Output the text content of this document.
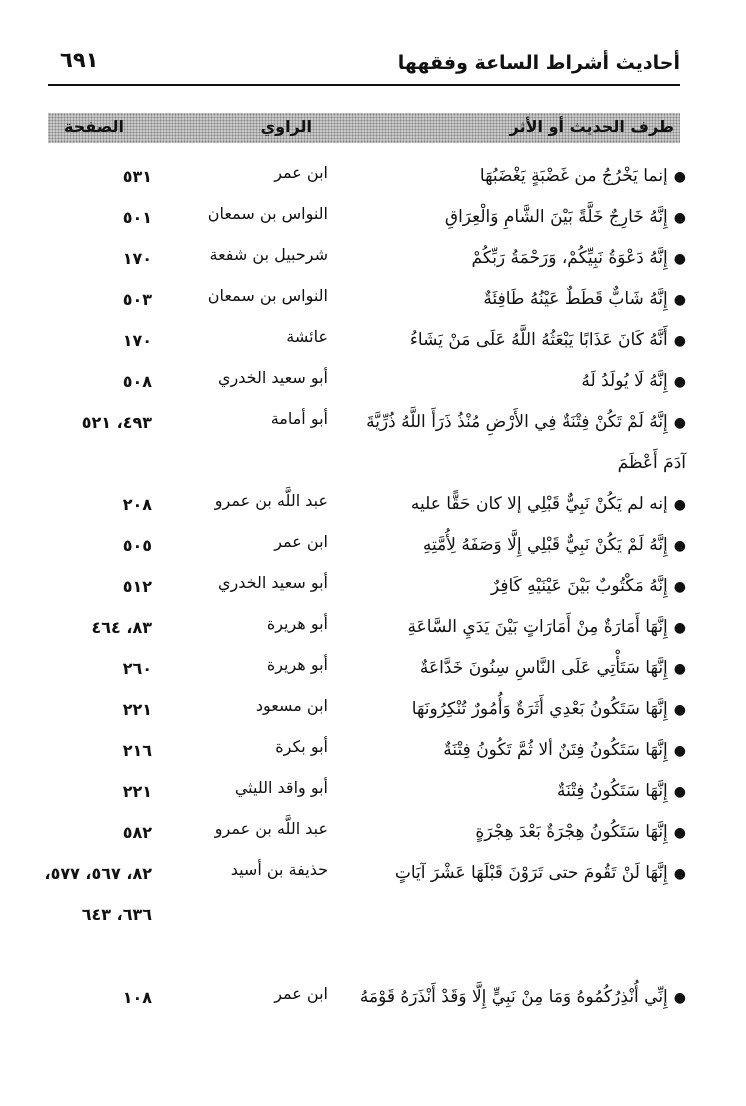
أحاديث أشراط الساعة وفقهها
٦٩١
طرف الحديث أو الأثر
الراوي
الصفحة
●إنما يَخْرُجُ من غَضْبَةٍ يَغْضَبُهَا
ابن عمر
٥٣١
●إِنَّهُ خَارِجٌ خَلَّةً بَيْنَ الشَّامِ وَالْعِرَاقِ
النواس بن سمعان
٥٠١
●إِنَّهُ دَعْوَةُ نَبِيِّكُمْ، وَرَحْمَةُ رَبِّكُمْ
شرحبيل بن شفعة
١٧٠
●إِنَّهُ شَابٌّ قَطَطٌ عَيْنُهُ طَافِئَةٌ
النواس بن سمعان
٥٠٣
●أَنَّهُ كَانَ عَذَابًا يَبْعَثُهُ اللَّهُ عَلَى مَنْ يَشَاءُ
عائشة
١٧٠
●إِنَّهُ لَا يُولَدُ لَهُ
أبو سعيد الخدري
٥٠٨
●إِنَّهُ لَمْ تَكُنْ فِتْنَةٌ فِي الأَرْضِ مُنْذُ ذَرَأَ اللَّهُ ذُرِّيَّةَ آدَمَ أَعْظَمَ
أبو أمامة
٤٩٣، ٥٢١
●إنه لم يَكُنْ نَبِيٌّ قَبْلِي إلا كان حَقًّا عليه
عبد اللَّه بن عمرو
٢٠٨
●إِنَّهُ لَمْ يَكُنْ نَبِيٌّ قَبْلِي إِلَّا وَصَفَهُ لِأُمَّتِهِ
ابن عمر
٥٠٥
●إِنَّهُ مَكْتُوبٌ بَيْنَ عَيْنَيْهِ كَافِرٌ
أبو سعيد الخدري
٥١٢
●إِنَّهَا أَمَارَةٌ مِنْ أَمَارَاتٍ بَيْنَ يَدَيِ السَّاعَةِ
أبو هريرة
٨٣، ٤٦٤
●إِنَّهَا سَتَأْتِي عَلَى النَّاسِ سِنُونَ خَدَّاعَةٌ
أبو هريرة
٢٦٠
●إِنَّهَا سَتَكُونُ بَعْدِي أَثَرَةٌ وَأُمُورٌ تُنْكِرُونَهَا
ابن مسعود
٢٢١
●إِنَّهَا سَتَكُونُ فِتَنٌ ألا ثُمَّ تَكُونُ فِتْنَةٌ
أبو بكرة
٢١٦
●إِنَّهَا سَتَكُونُ فِتْنَةٌ
أبو واقد الليثي
٢٢١
●إِنَّهَا سَتَكُونُ هِجْرَةٌ بَعْدَ هِجْرَةٍ
عبد اللَّه بن عمرو
٥٨٢
●إِنَّهَا لَنْ تَقُومَ حتى تَرَوْنَ قَبْلَهَا عَشْرَ آيَاتٍ
حذيفة بن أسيد
٨٢، ٥٦٧، ٥٧٧، ٦٣٦، ٦٤٣
●إِنِّي أُنْذِرُكُمُوهُ وَمَا مِنْ نَبِيٍّ إِلَّا وَقَدْ أَنْذَرَهُ قَوْمَهُ
ابن عمر
١٠٨
